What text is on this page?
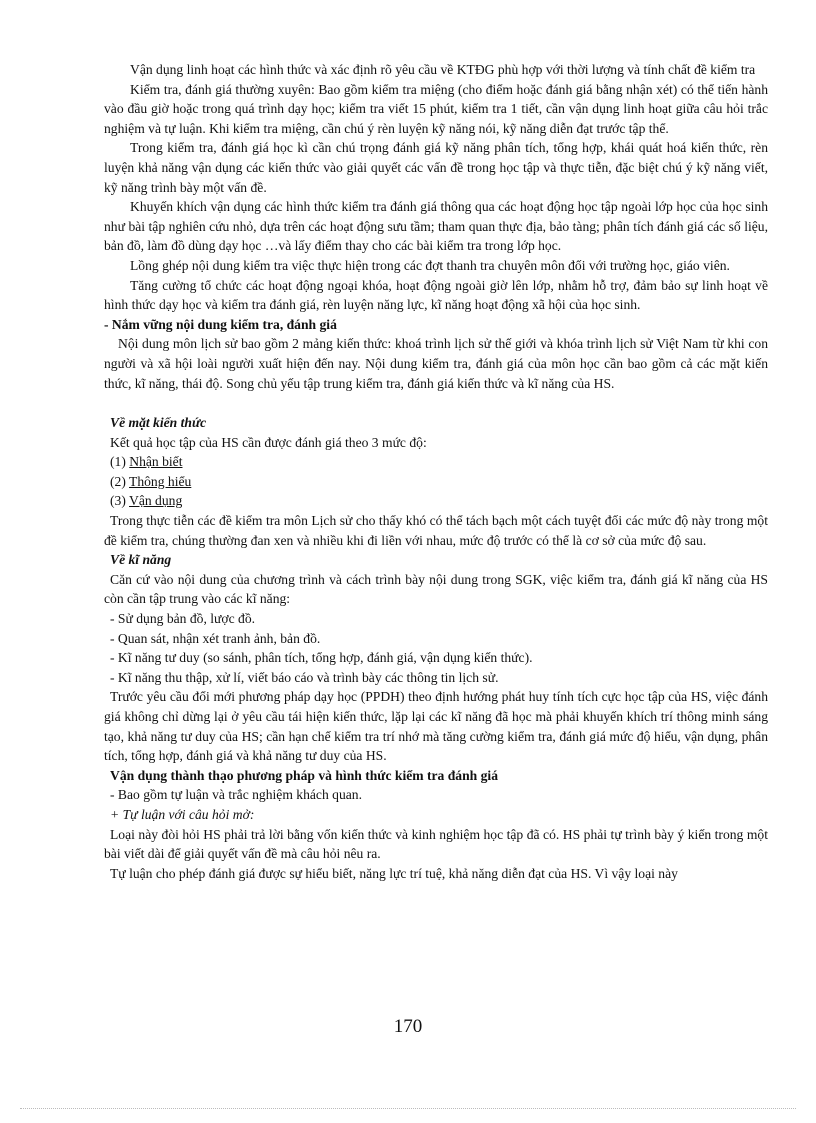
Vận dụng linh hoạt các hình thức và xác định rõ yêu cầu về KTĐG phù hợp với thời lượng và tính chất đề kiểm tra

Kiểm tra, đánh giá thường xuyên: Bao gồm kiểm tra miệng (cho điểm hoặc đánh giá bằng nhận xét) có thể tiến hành vào đầu giờ hoặc trong quá trình dạy học; kiểm tra viết 15 phút, kiểm tra 1 tiết, cần vận dụng linh hoạt giữa câu hỏi trắc nghiệm và tự luận. Khi kiểm tra miệng, cần chú ý rèn luyện kỹ năng nói, kỹ năng diễn đạt trước tập thể.

Trong kiểm tra, đánh giá học kì cần chú trọng đánh giá kỹ năng phân tích, tổng hợp, khái quát hoá kiến thức, rèn luyện khả năng vận dụng các kiến thức vào giải quyết các vấn đề trong học tập và thực tiễn, đặc biệt chú ý kỹ năng viết, kỹ năng trình bày một vấn đề.

Khuyến khích vận dụng các hình thức kiểm tra đánh giá thông qua các hoạt động học tập ngoài lớp học của học sinh như bài tập nghiên cứu nhỏ, dựa trên các hoạt động sưu tầm; tham quan thực địa, bảo tàng; phân tích đánh giá các số liệu, bản đồ, làm đồ dùng dạy học …và lấy điểm thay cho các bài kiểm tra trong lớp học.

Lồng ghép nội dung kiểm tra việc thực hiện trong các đợt thanh tra chuyên môn đối với trường học, giáo viên.

Tăng cường tổ chức các hoạt động ngoại khóa, hoạt động ngoài giờ lên lớp, nhằm hỗ trợ, đảm bảo sự linh hoạt về hình thức dạy học và kiểm tra đánh giá, rèn luyện năng lực, kĩ năng hoạt động xã hội của học sinh.

- Nắm vững nội dung kiểm tra, đánh giá

Nội dung môn lịch sử bao gồm 2 mảng kiến thức: khoá trình lịch sử thế giới và khóa trình lịch sử Việt Nam từ khi con người và xã hội loài người xuất hiện đến nay. Nội dung kiểm tra, đánh giá của môn học cần bao gồm cả các mặt kiến thức, kĩ năng, thái độ. Song chủ yếu tập trung kiểm tra, đánh giá kiến thức và kĩ năng của HS.

Về mặt kiến thức

Kết quả học tập của HS cần được đánh giá theo 3 mức độ:

(1) Nhận biết

(2) Thông hiểu

(3) Vận dụng

Trong thực tiễn các đề kiểm tra môn Lịch sử cho thấy khó có thể tách bạch một cách tuyệt đối các mức độ này trong một đề kiểm tra, chúng thường đan xen và nhiều khi đi liền với nhau, mức độ trước có thể là cơ sở của mức độ sau.

Về kĩ năng

Căn cứ vào nội dung của chương trình và cách trình bày nội dung trong SGK, việc kiểm tra, đánh giá kĩ năng của HS còn cần tập trung vào các kĩ năng:

- Sử dụng bản đồ, lược đồ.

- Quan sát, nhận xét tranh ảnh, bản đồ.

- Kĩ năng tư duy (so sánh, phân tích, tổng hợp, đánh giá, vận dụng kiến thức).

- Kĩ năng thu thập, xử lí, viết báo cáo và trình bày các thông tin lịch sử.

Trước yêu cầu đổi mới phương pháp dạy học (PPDH) theo định hướng phát huy tính tích cực học tập của HS, việc đánh giá không chỉ dừng lại ở yêu cầu tái hiện kiến thức, lặp lại các kĩ năng đã học mà phải khuyến khích trí thông minh sáng tạo, khả năng tư duy của HS; cần hạn chế kiểm tra trí nhớ mà tăng cường kiểm tra, đánh giá mức độ hiểu, vận dụng, phân tích, tổng hợp, đánh giá và khả năng tư duy của HS.

Vận dụng thành thạo phương pháp và hình thức kiểm tra đánh giá

- Bao gồm tự luận và trắc nghiệm khách quan.

+ Tự luận với câu hỏi mở:

Loại này đòi hỏi HS phải trả lời bằng vốn kiến thức và kinh nghiệm học tập đã có. HS phải tự trình bày ý kiến trong một bài viết dài để giải quyết vấn đề mà câu hỏi nêu ra.

Tự luận cho phép đánh giá được sự hiểu biết, năng lực trí tuệ, khả năng diễn đạt của HS. Vì vậy loại này

170
